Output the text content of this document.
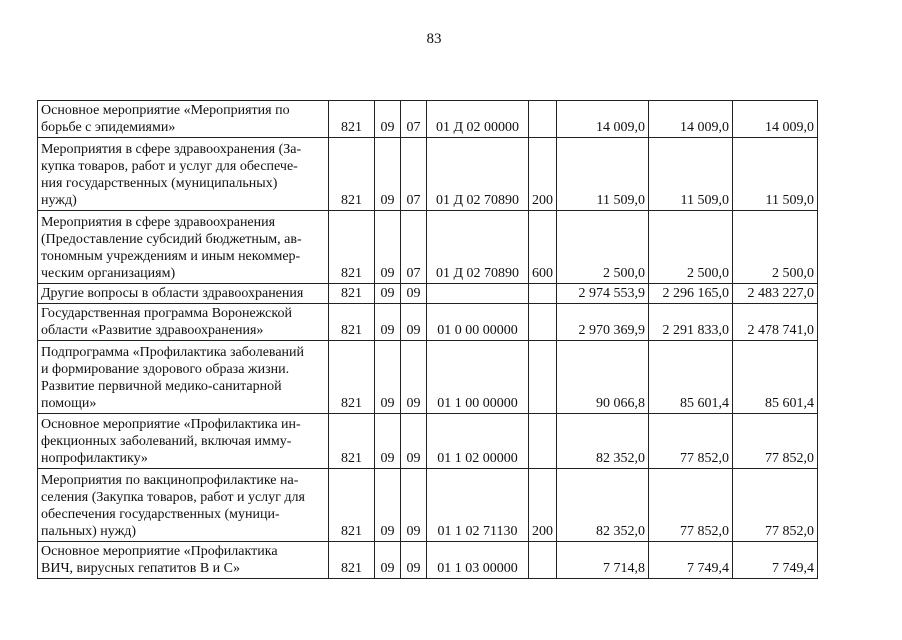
83
Основное мероприятие «Мероприятия по
борьбе с эпидемиями»	821	09	07	01 Д 02 00000		14 009,0	14 009,0	14 009,0
Мероприятия в сфере здравоохранения (За-
купка товаров, работ и услуг для обеспече-
ния государственных (муниципальных)
нужд)	821	09	07	01 Д 02 70890	200	11 509,0	11 509,0	11 509,0
Мероприятия в сфере здравоохранения
(Предоставление субсидий бюджетным, ав-
тономным учреждениям и иным некоммер-
ческим организациям)	821	09	07	01 Д 02 70890	600	2 500,0	2 500,0	2 500,0
Другие вопросы в области здравоохранения	821	09	09			2 974 553,9	2 296 165,0	2 483 227,0
Государственная программа Воронежской
области «Развитие здравоохранения»	821	09	09	01 0 00 00000		2 970 369,9	2 291 833,0	2 478 741,0
Подпрограмма «Профилактика заболеваний
и формирование здорового образа жизни.
Развитие первичной медико-санитарной
помощи»	821	09	09	01 1 00 00000		90 066,8	85 601,4	85 601,4
Основное мероприятие «Профилактика ин-
фекционных заболеваний, включая имму-
нопрофилактику»	821	09	09	01 1 02 00000		82 352,0	77 852,0	77 852,0
Мероприятия по вакцинопрофилактике на-
селения (Закупка товаров, работ и услуг для
обеспечения государственных (муници-
пальных) нужд)	821	09	09	01 1 02 71130	200	82 352,0	77 852,0	77 852,0
Основное мероприятие «Профилактика
ВИЧ, вирусных гепатитов В и С»	821	09	09	01 1 03 00000		7 714,8	7 749,4	7 749,4
